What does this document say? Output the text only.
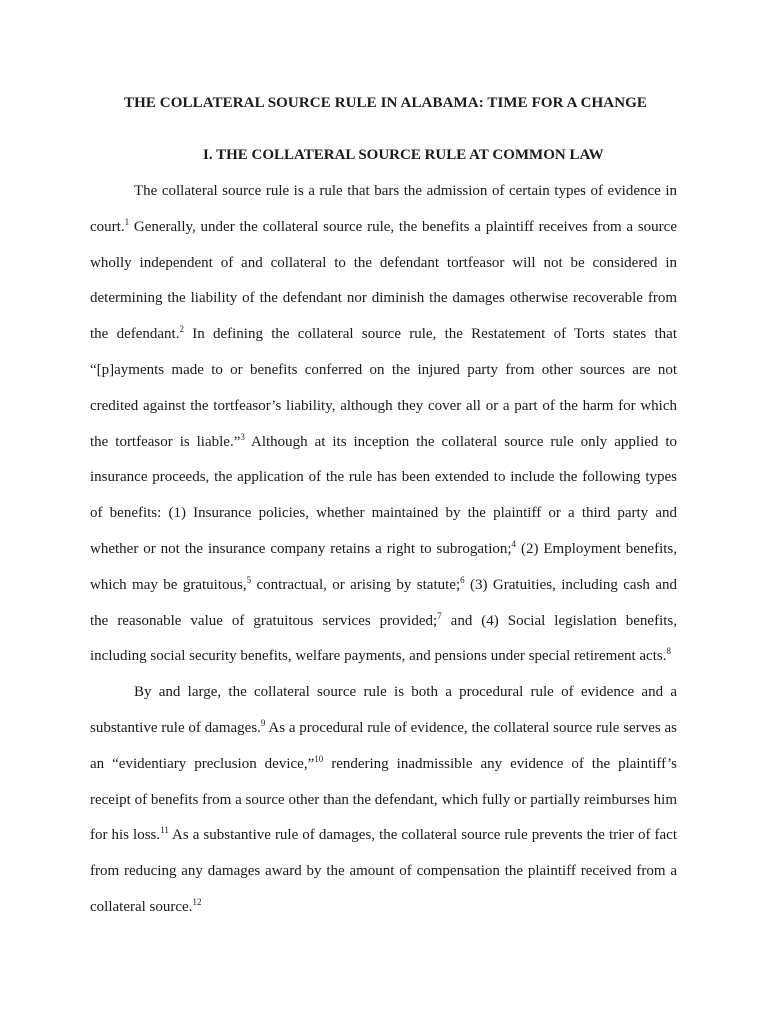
THE COLLATERAL SOURCE RULE IN ALABAMA: TIME FOR A CHANGE
I. THE COLLATERAL SOURCE RULE AT COMMON LAW

The collateral source rule is a rule that bars the admission of certain types of evidence in court.$^1$ Generally, under the collateral source rule, the benefits a plaintiff receives from a source wholly independent of and collateral to the defendant tortfeasor will not be considered in determining the liability of the defendant nor diminish the damages otherwise recoverable from the defendant.$^2$ In defining the collateral source rule, the Restatement of Torts states that “[p]ayments made to or benefits conferred on the injured party from other sources are not credited against the tortfeasor’s liability, although they cover all or a part of the harm for which the tortfeasor is liable.”$^3$ Although at its inception the collateral source rule only applied to insurance proceeds, the application of the rule has been extended to include the following types of benefits: (1) Insurance policies, whether maintained by the plaintiff or a third party and whether or not the insurance company retains a right to subrogation;$^4$ (2) Employment benefits, which may be gratuitous,$^5$ contractual, or arising by statute;$^6$ (3) Gratuities, including cash and the reasonable value of gratuitous services provided;$^7$ and (4) Social legislation benefits, including social security benefits, welfare payments, and pensions under special retirement acts.$^8$

By and large, the collateral source rule is both a procedural rule of evidence and a substantive rule of damages.$^9$ As a procedural rule of evidence, the collateral source rule serves as an “evidentiary preclusion device,”$^{10}$ rendering inadmissible any evidence of the plaintiff’s receipt of benefits from a source other than the defendant, which fully or partially reimburses him for his loss.$^{11}$ As a substantive rule of damages, the collateral source rule prevents the trier of fact from reducing any damages award by the amount of compensation the plaintiff received from a collateral source.$^{12}$
